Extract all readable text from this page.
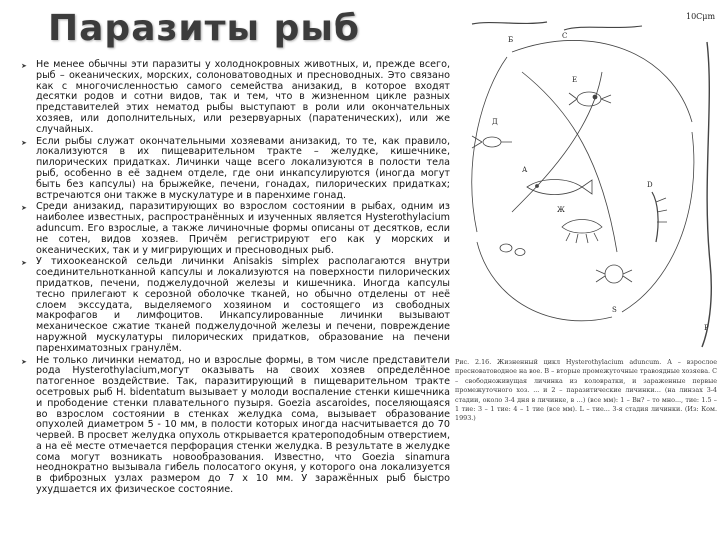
Паразиты рыб
➤ Не менее обычны эти паразиты у холоднокровных животных, и, прежде всего, рыб – океанических, морских, солоноватоводных и пресноводных. Это связано как с многочисленностью самого семейства анизакид, в которое входят десятки родов и сотни видов, так и тем, что в жизненном цикле разных представителей этих нематод рыбы выступают в роли или окончательных хозяев, или дополнительных, или резервуарных (паратенических), или же случайных.
➤ Если рыбы служат окончательными хозяевами анизакид, то те, как правило, локализуются в их пищеварительном тракте – желудке, кишечнике, пилорических придатках. Личинки чаще всего локализуются в полости тела рыб, особенно в её заднем отделе, где они инкапсулируются (иногда могут быть без капсулы) на брыжейке, печени, гонадах, пилорических придатках; встречаются они также в мускулатуре и в паренхиме гонад.
➤ Среди анизакид, паразитирующих во взрослом состоянии в рыбах, одним из наиболее известных, распространённых и изученных является Hysterothylacium aduncum. Его взрослые, а также личиночные формы описаны от десятков, если не сотен, видов хозяев. Причём регистрируют его как у морских и океанических, так и у мигрирующих и пресноводных рыб.
➤ У тихоокеанской сельди личинки Anisakis simplex располагаются внутри соединительнотканной капсулы и локализуются на поверхности пилорических придатков, печени, поджелудочной железы и кишечника. Иногда капсулы тесно прилегают к серозной оболочке тканей, но обычно отделены от неё слоем экссудата, выделяемого хозяином и состоящего из свободных макрофагов и лимфоцитов. Инкапсулированные личинки вызывают механическое сжатие тканей поджелудочной железы и печени, повреждение наружной мускулатуры пилорических придатков, образование на печени паренхиматозных гранулём.
➤ Не только личинки нематод, но и взрослые формы, в том числе представители рода Hysterothylacium,могут оказывать на своих хозяев определённое патогенное воздействие. Так, паразитирующий в пищеварительном тракте осетровых рыб H. bidentatum вызывает у молоди воспаление стенки кишечника и прободение стенки плавательного пузыря. Goezia ascaroides, поселяющаяся во взрослом состоянии в стенках желудка сома, вызывает образование опухолей диаметром 5 - 10 мм, в полости которых иногда насчитывается до 70 червей. В просвет желудка опухоль открывается кратероподобным отверстием, а на её месте отмечается перфорация стенки желудка. В результате в желудке сома могут возникать новообразования. Известно, что Goezia sinamura неоднократно вызывала гибель полосатого окуня, у которого она локализуется в фиброзных узлах размером до 7 x 10 мм. У заражённых рыб быстро ухудшается их физическое состояние.
Б	C
Д
Е
Ж
А
D
P
S
10Cμm
Рис. 2.16. Жизненный цикл Hysterothylacium aduncum. А – взрослое пресноватоводное на вое. В – вторые промежуточные травоядные хозяева. С – свободноживущая личинка из коловратки, и зараженные первые промежуточного хоз. ... и 2 – паразитичеcкие личинки… (на линзах 3-4 стадии, около 3-4 дня в личинке, в …) (все мм): 1 – Вн? – то мно..., тие: 1.5 – 1 тие: 3 – 1 тие: 4 – 1 тие (все мм). L – тие... 3-я стадия личинки. (Из: Ком. 1993.)
